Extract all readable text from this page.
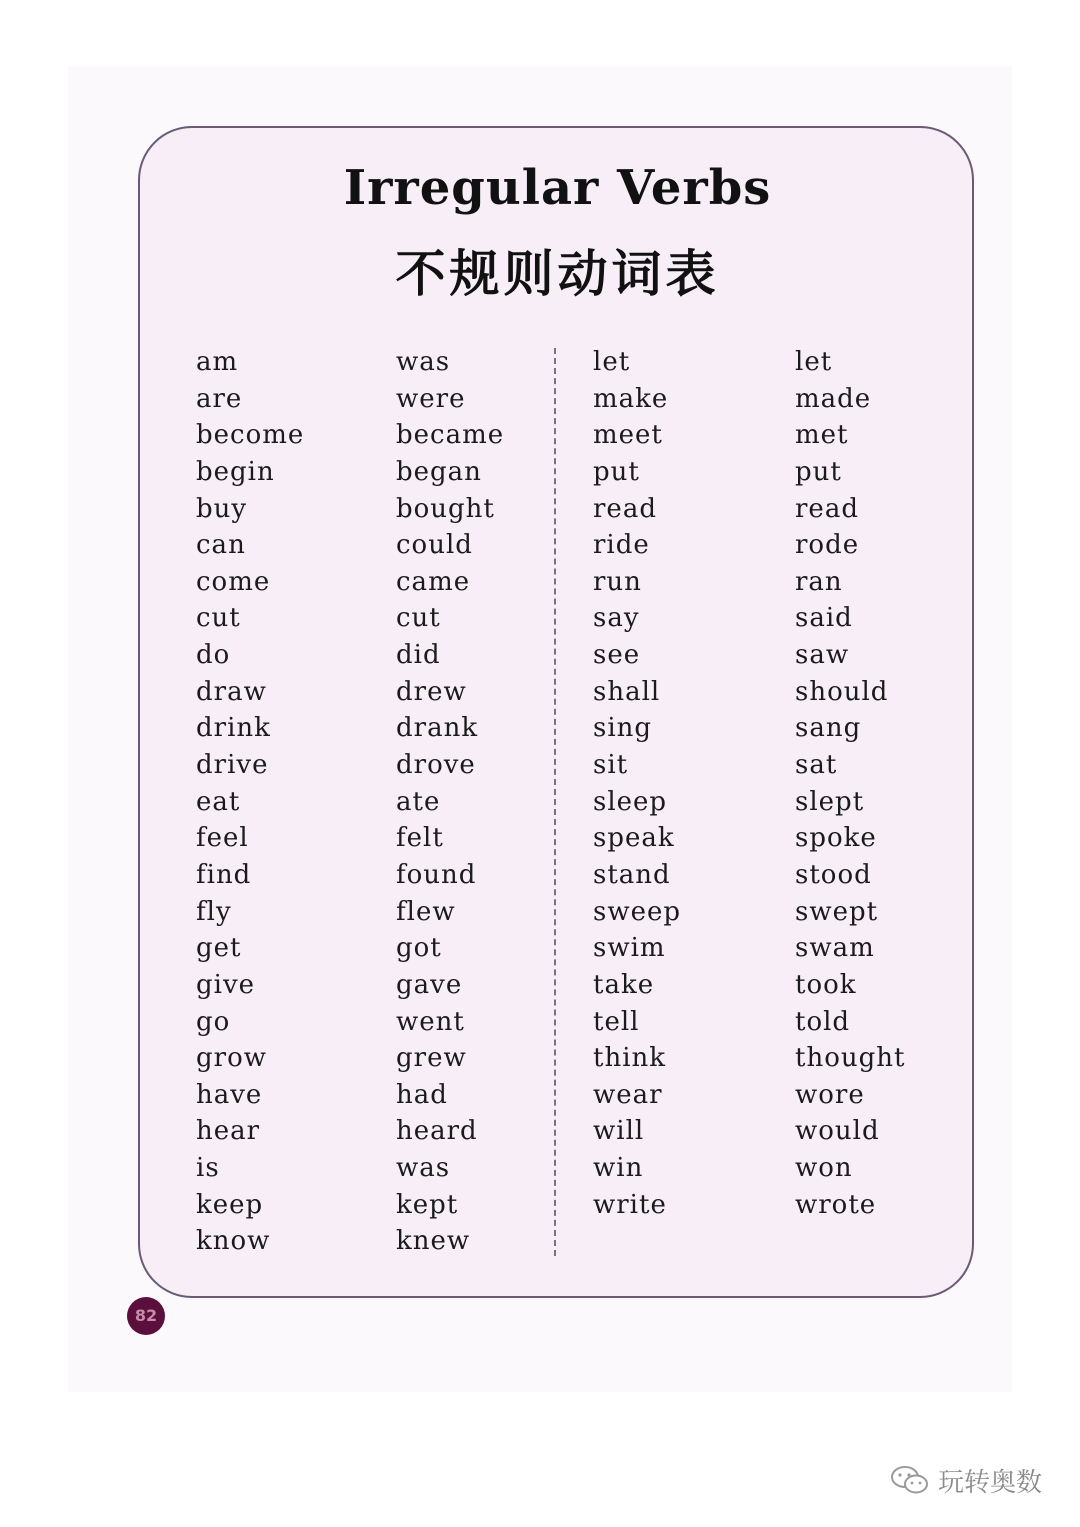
Irregular Verbs
不规则动词表
am
are
become
begin
buy
can
come
cut
do
draw
drink
drive
eat
feel
find
fly
get
give
go
grow
have
hear
is
keep
know
was
were
became
began
bought
could
came
cut
did
drew
drank
drove
ate
felt
found
flew
got
gave
went
grew
had
heard
was
kept
knew
let
make
meet
put
read
ride
run
say
see
shall
sing
sit
sleep
speak
stand
sweep
swim
take
tell
think
wear
will
win
write
let
made
met
put
read
rode
ran
said
saw
should
sang
sat
slept
spoke
stood
swept
swam
took
told
thought
wore
would
won
wrote
82
玩转奥数
